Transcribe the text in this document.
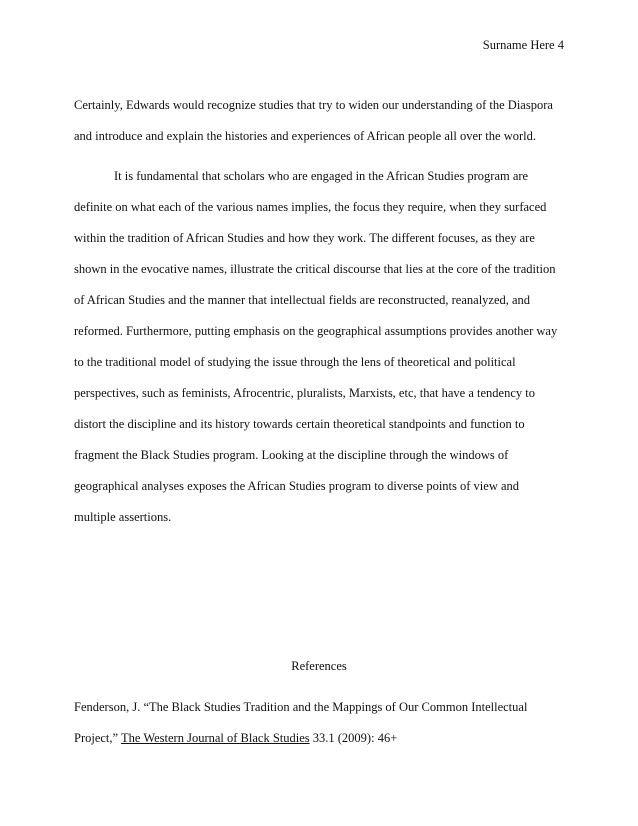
Surname Here 4
Certainly, Edwards would recognize studies that try to widen our understanding of the Diaspora
and introduce and explain the histories and experiences of African people all over the world.
It is fundamental that scholars who are engaged in the African Studies program are
definite on what each of the various names implies, the focus they require, when they surfaced
within the tradition of African Studies and how they work. The different focuses, as they are
shown in the evocative names, illustrate the critical discourse that lies at the core of the tradition
of African Studies and the manner that intellectual fields are reconstructed, reanalyzed, and
reformed. Furthermore, putting emphasis on the geographical assumptions provides another way
to the traditional model of studying the issue through the lens of theoretical and political
perspectives, such as feminists, Afrocentric, pluralists, Marxists, etc, that have a tendency to
distort the discipline and its history towards certain theoretical standpoints and function to
fragment the Black Studies program. Looking at the discipline through the windows of
geographical analyses exposes the African Studies program to diverse points of view and
multiple assertions.
References
Fenderson, J. “The Black Studies Tradition and the Mappings of Our Common Intellectual
Project,” The Western Journal of Black Studies 33.1 (2009): 46+
